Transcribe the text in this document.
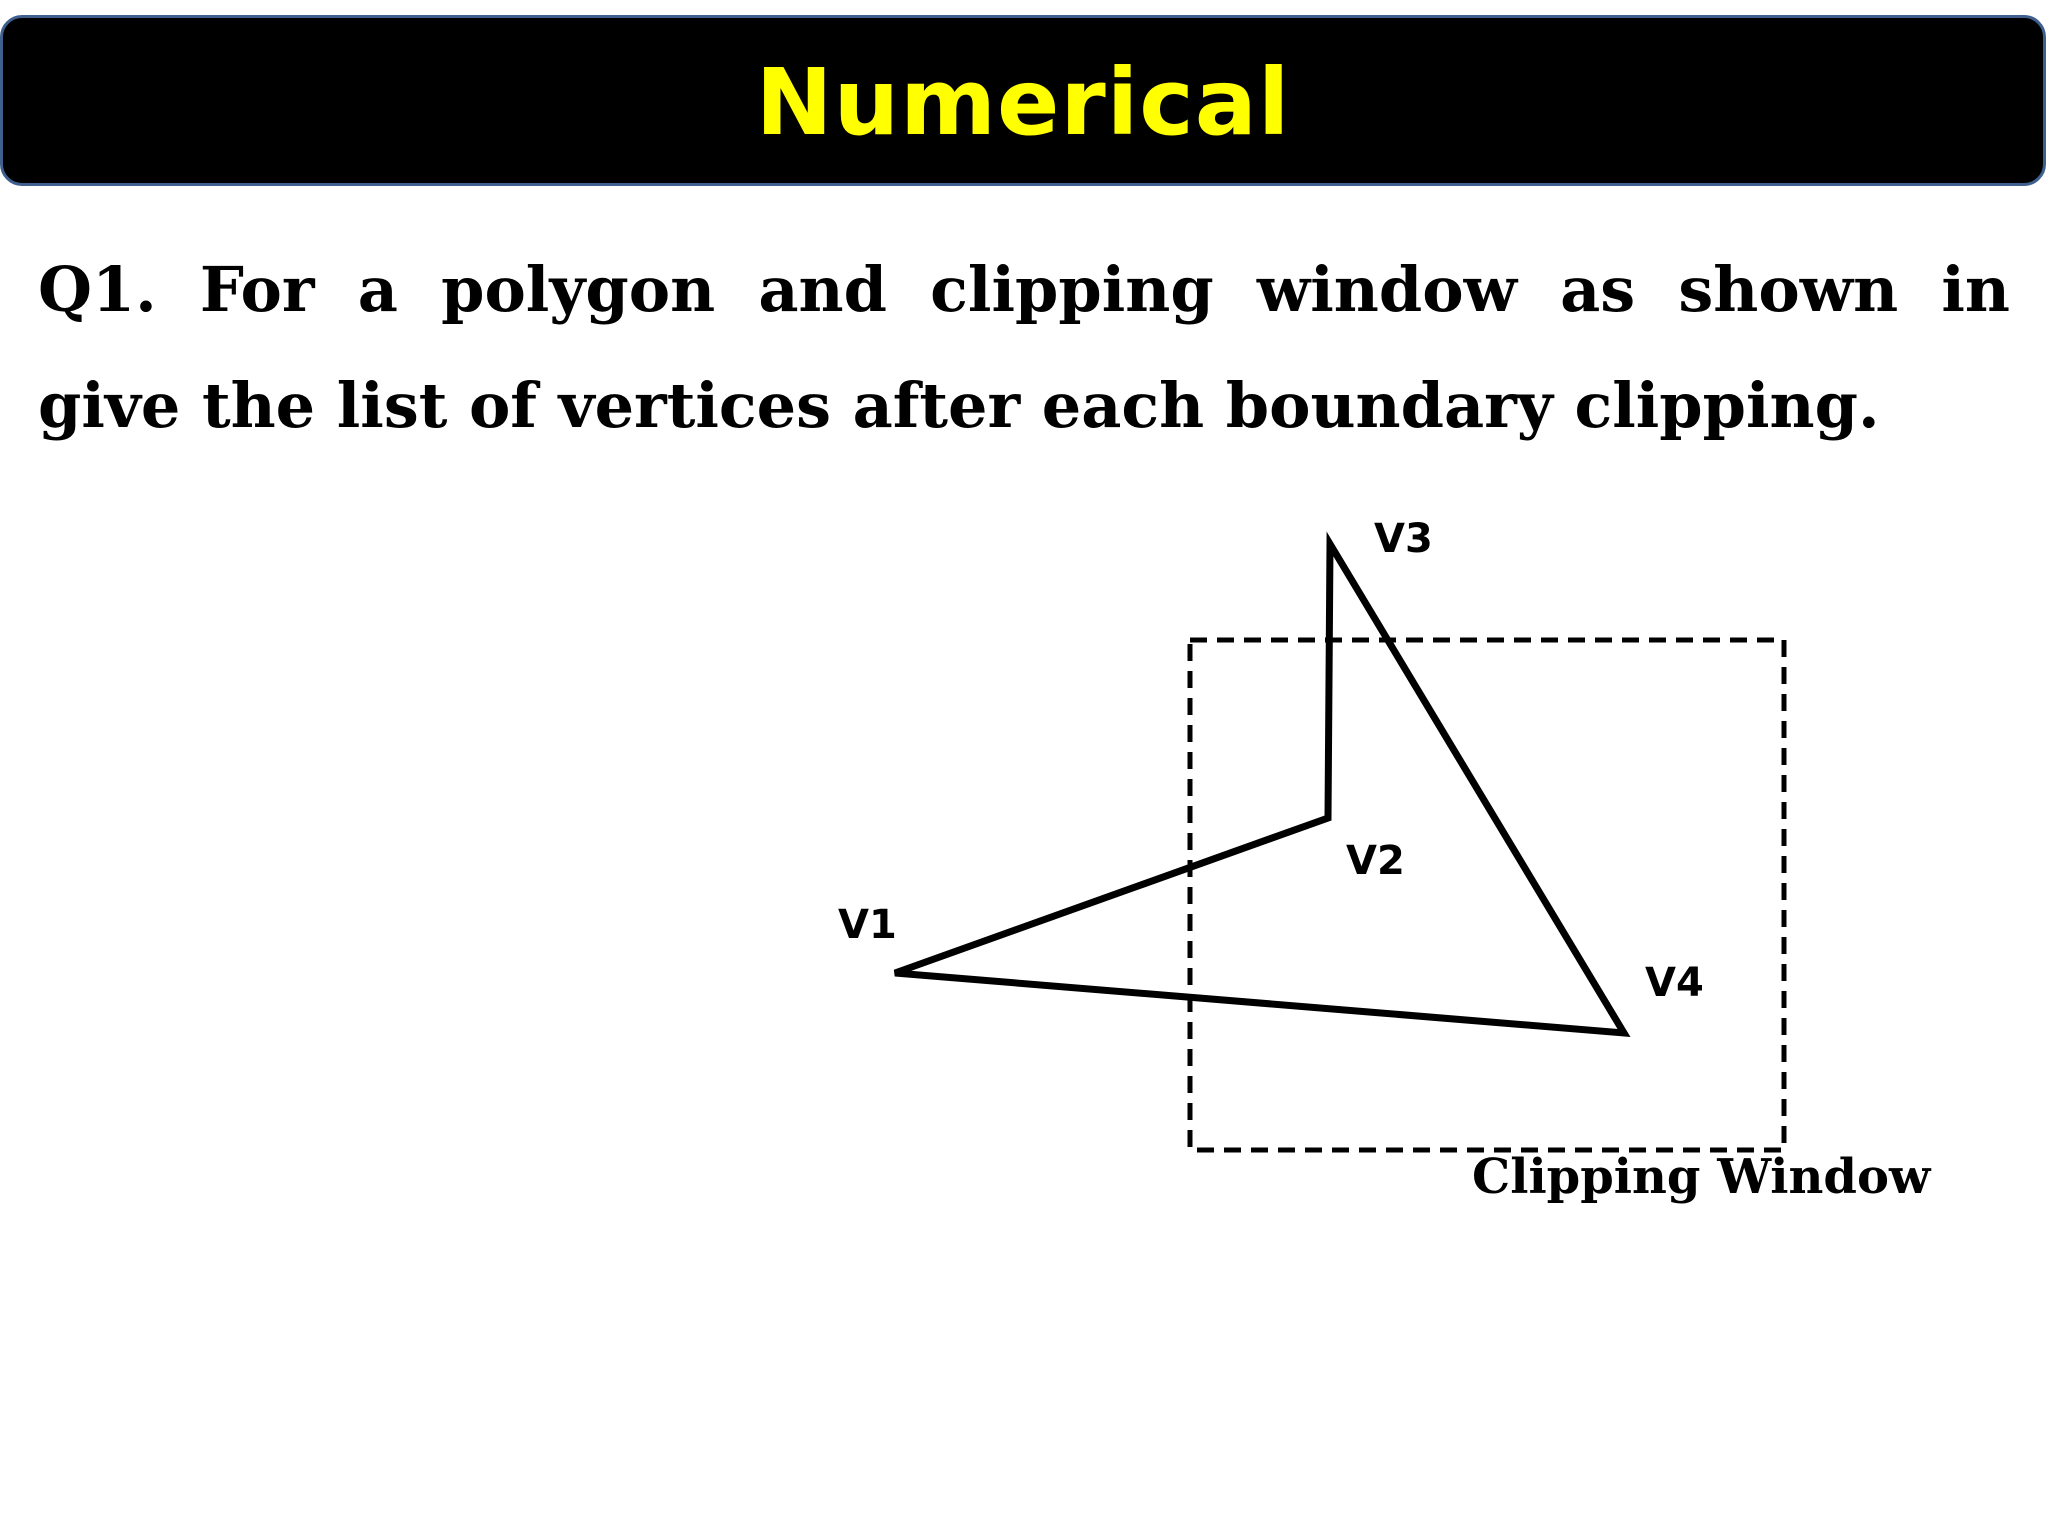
Numerical
Q1. For a polygon and clipping window as shown in
give the list of vertices after each boundary clipping.
V1
V2
V3
V4
Clipping Window
